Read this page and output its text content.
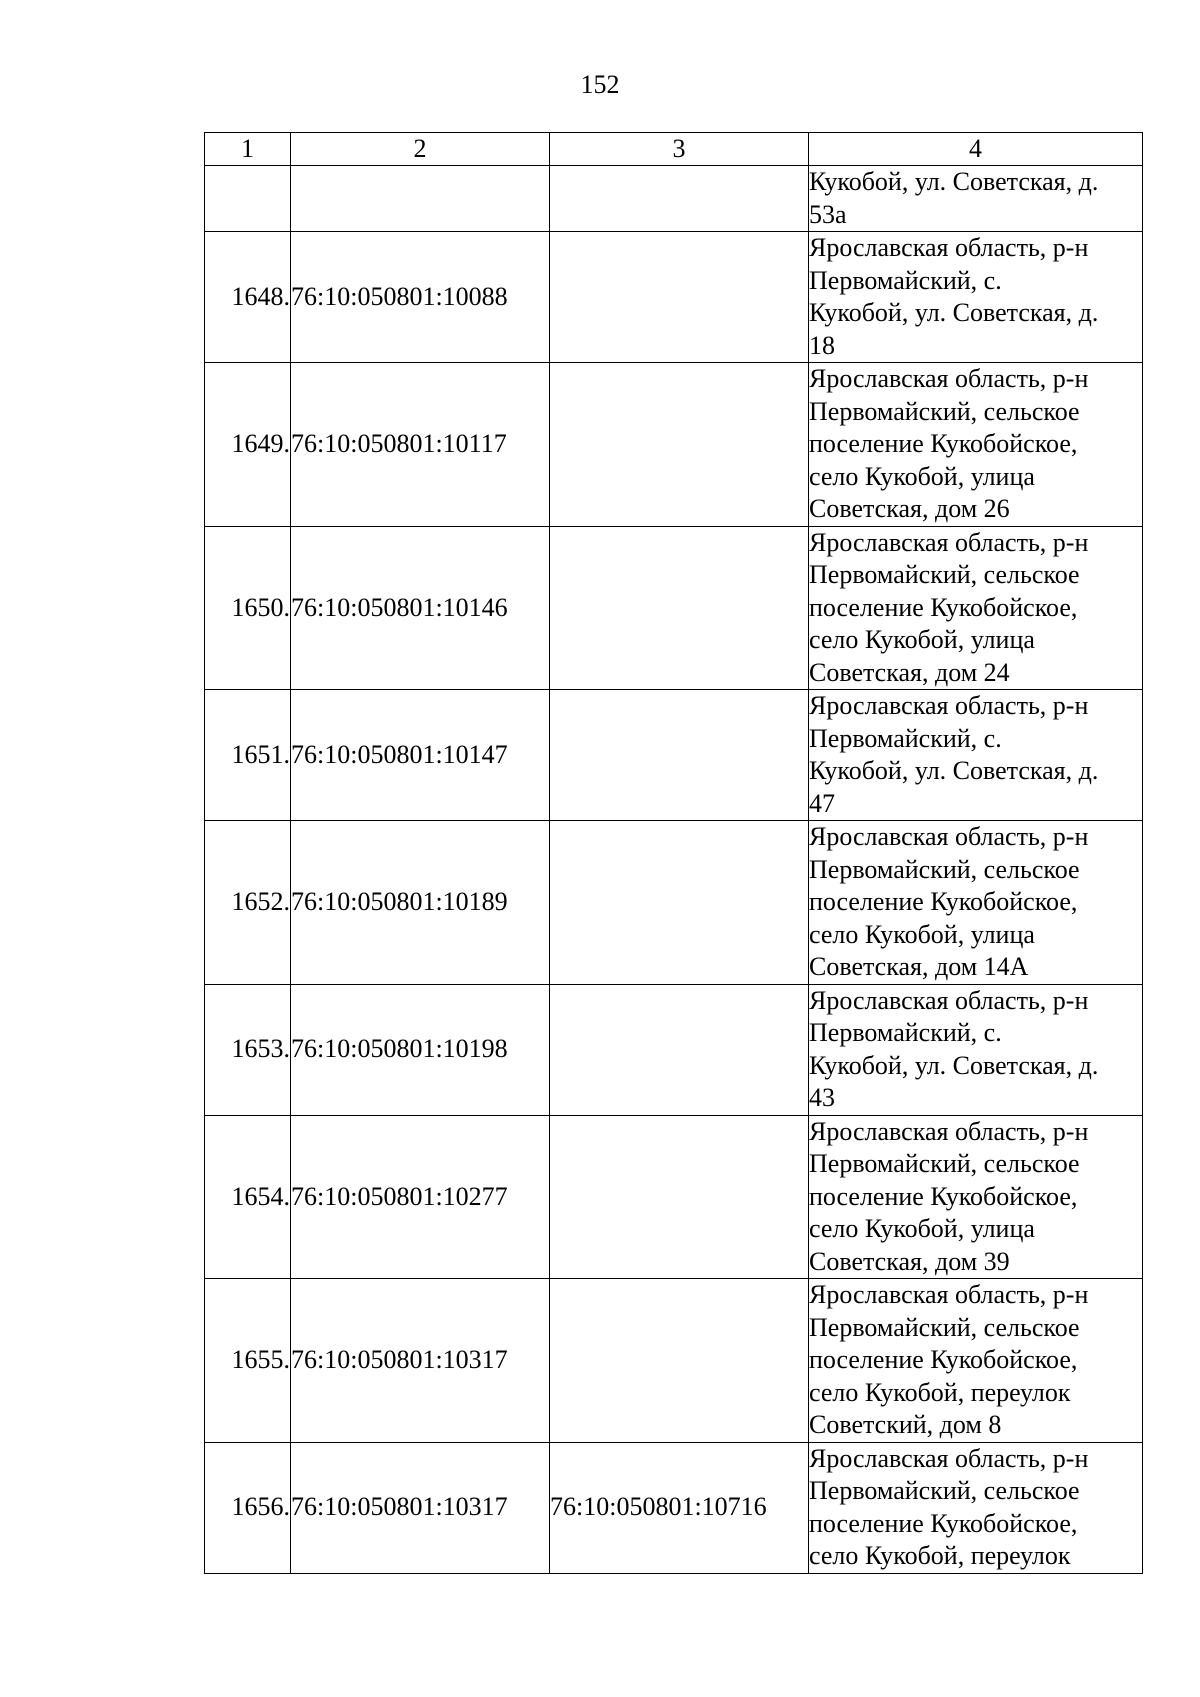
152
1	2	3	4

			Кукобой, ул. Советская, д.
53а

1648.	76:10:050801:10088		Ярославская область, р-н
Первомайский, с.
Кукобой, ул. Советская, д.
18

1649.	76:10:050801:10117		Ярославская область, р-н
Первомайский, сельское
поселение Кукобойское,
село Кукобой, улица
Советская, дом 26

1650.	76:10:050801:10146		Ярославская область, р-н
Первомайский, сельское
поселение Кукобойское,
село Кукобой, улица
Советская, дом 24

1651.	76:10:050801:10147		Ярославская область, р-н
Первомайский, с.
Кукобой, ул. Советская, д.
47

1652.	76:10:050801:10189		Ярославская область, р-н
Первомайский, сельское
поселение Кукобойское,
село Кукобой, улица
Советская, дом 14А

1653.	76:10:050801:10198		Ярославская область, р-н
Первомайский, с.
Кукобой, ул. Советская, д.
43

1654.	76:10:050801:10277		Ярославская область, р-н
Первомайский, сельское
поселение Кукобойское,
село Кукобой, улица
Советская, дом 39

1655.	76:10:050801:10317		Ярославская область, р-н
Первомайский, сельское
поселение Кукобойское,
село Кукобой, переулок
Советский, дом 8

1656.	76:10:050801:10317	76:10:050801:10716	Ярославская область, р-н
Первомайский, сельское
поселение Кукобойское,
село Кукобой, переулок
